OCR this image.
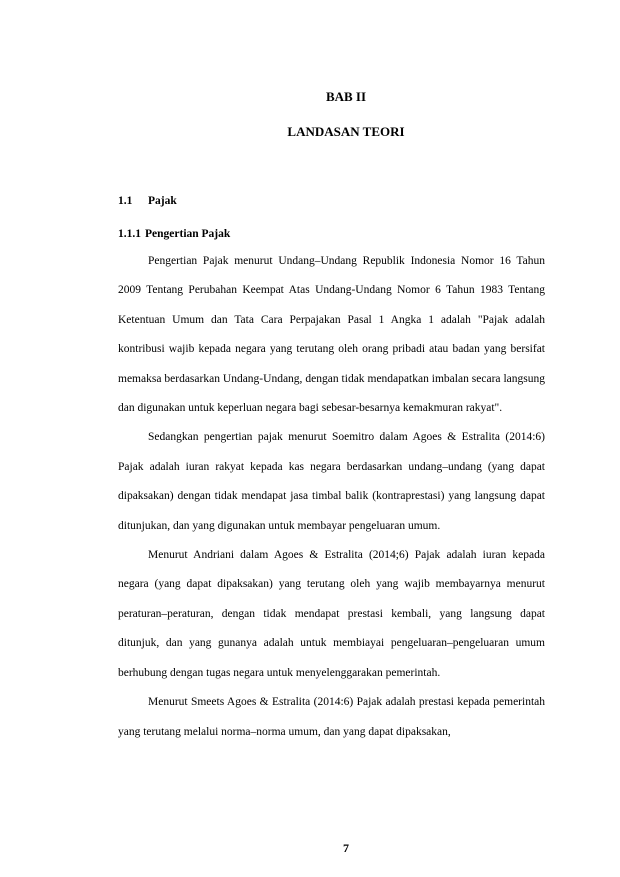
BAB II
LANDASAN TEORI
1.1 Pajak
1.1.1 Pengertian Pajak

Pengertian Pajak menurut Undang–Undang Republik Indonesia Nomor 16 Tahun 2009 Tentang Perubahan Keempat Atas Undang-Undang Nomor 6 Tahun 1983 Tentang Ketentuan Umum dan Tata Cara Perpajakan Pasal 1 Angka 1 adalah "Pajak adalah kontribusi wajib kepada negara yang terutang oleh orang pribadi atau badan yang bersifat memaksa berdasarkan Undang-Undang, dengan tidak mendapatkan imbalan secara langsung dan digunakan untuk keperluan negara bagi sebesar-besarnya kemakmuran rakyat".

Sedangkan pengertian pajak menurut Soemitro dalam Agoes & Estralita (2014:6) Pajak adalah iuran rakyat kepada kas negara berdasarkan undang–undang (yang dapat dipaksakan) dengan tidak mendapat jasa timbal balik (kontraprestasi) yang langsung dapat ditunjukan, dan yang digunakan untuk membayar pengeluaran umum.

Menurut Andriani dalam Agoes & Estralita (2014;6) Pajak adalah iuran kepada negara (yang dapat dipaksakan) yang terutang oleh yang wajib membayarnya menurut peraturan–peraturan, dengan tidak mendapat prestasi kembali, yang langsung dapat ditunjuk, dan yang gunanya adalah untuk membiayai pengeluaran–pengeluaran umum berhubung dengan tugas negara untuk menyelenggarakan pemerintah.

Menurut Smeets Agoes & Estralita (2014:6) Pajak adalah prestasi kepada pemerintah yang terutang melalui norma–norma umum, dan yang dapat dipaksakan,

7
